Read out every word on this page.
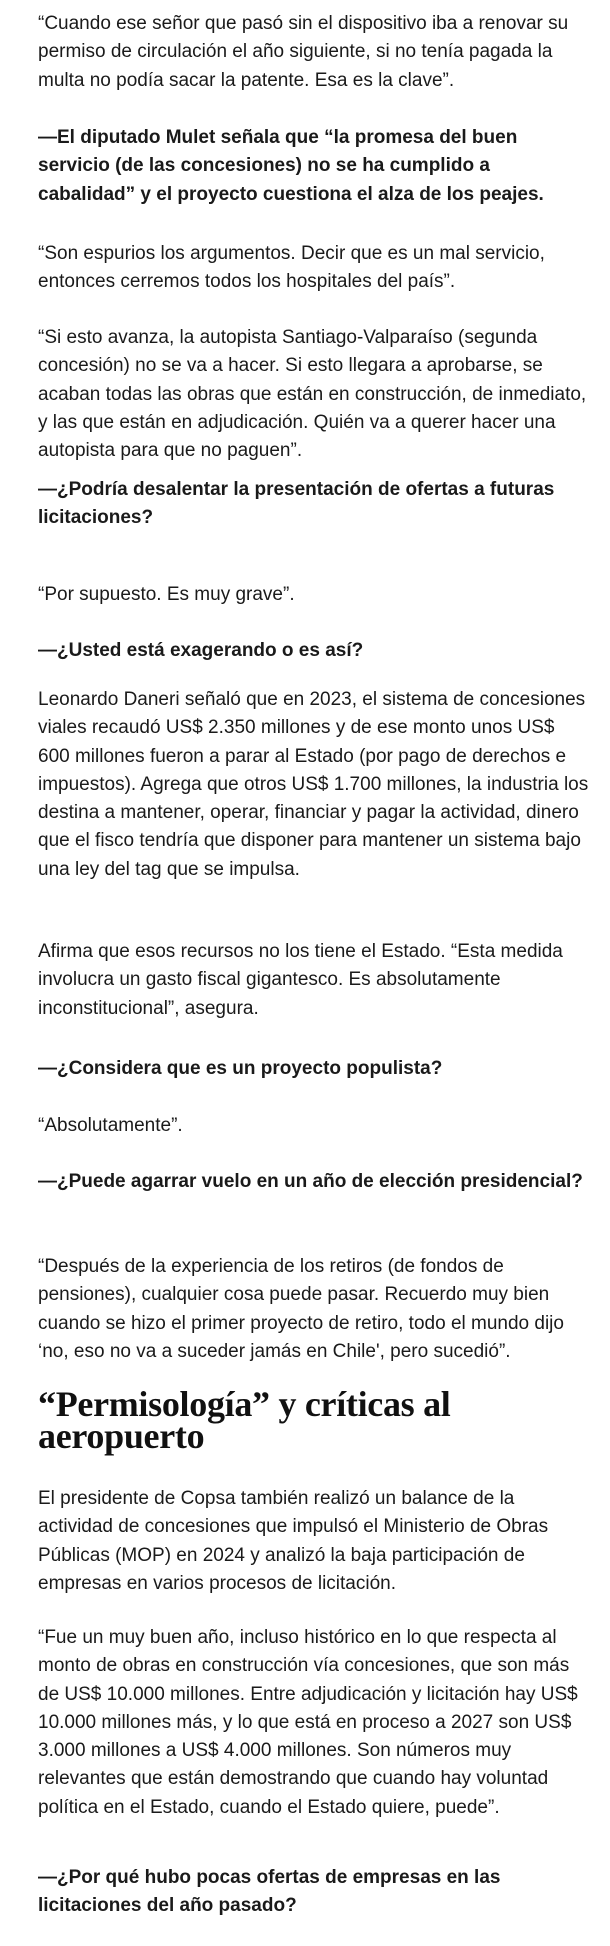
“Cuando ese señor que pasó sin el dispositivo iba a renovar su permiso de circulación el año siguiente, si no tenía pagada la multa no podía sacar la patente. Esa es la clave”.

—El diputado Mulet señala que “la promesa del buen servicio (de las concesiones) no se ha cumplido a cabalidad” y el proyecto cuestiona el alza de los peajes.

“Son espurios los argumentos. Decir que es un mal servicio, entonces cerremos todos los hospitales del país”.

“Si esto avanza, la autopista Santiago-Valparaíso (segunda concesión) no se va a hacer. Si esto llegara a aprobarse, se acaban todas las obras que están en construcción, de inmediato, y las que están en adjudicación. Quién va a querer hacer una autopista para que no paguen”.

—¿Podría desalentar la presentación de ofertas a futuras licitaciones?

“Por supuesto. Es muy grave”.

—¿Usted está exagerando o es así?

Leonardo Daneri señaló que en 2023, el sistema de concesiones viales recaudó US$ 2.350 millones y de ese monto unos US$ 600 millones fueron a parar al Estado (por pago de derechos e impuestos). Agrega que otros US$ 1.700 millones, la industria los destina a mantener, operar, financiar y pagar la actividad, dinero que el fisco tendría que disponer para mantener un sistema bajo una ley del tag que se impulsa.

Afirma que esos recursos no los tiene el Estado. “Esta medida involucra un gasto fiscal gigantesco. Es absolutamente inconstitucional”, asegura.

—¿Considera que es un proyecto populista?

“Absolutamente”.

—¿Puede agarrar vuelo en un año de elección presidencial?

“Después de la experiencia de los retiros (de fondos de pensiones), cualquier cosa puede pasar. Recuerdo muy bien cuando se hizo el primer proyecto de retiro, todo el mundo dijo ‘no, eso no va a suceder jamás en Chile', pero sucedió”.

“Permisología” y críticas al aeropuerto

El presidente de Copsa también realizó un balance de la actividad de concesiones que impulsó el Ministerio de Obras Públicas (MOP) en 2024 y analizó la baja participación de empresas en varios procesos de licitación.

“Fue un muy buen año, incluso histórico en lo que respecta al monto de obras en construcción vía concesiones, que son más de US$ 10.000 millones. Entre adjudicación y licitación hay US$ 10.000 millones más, y lo que está en proceso a 2027 son US$ 3.000 millones a US$ 4.000 millones. Son números muy relevantes que están demostrando que cuando hay voluntad política en el Estado, cuando el Estado quiere, puede”.

—¿Por qué hubo pocas ofertas de empresas en las licitaciones del año pasado?
